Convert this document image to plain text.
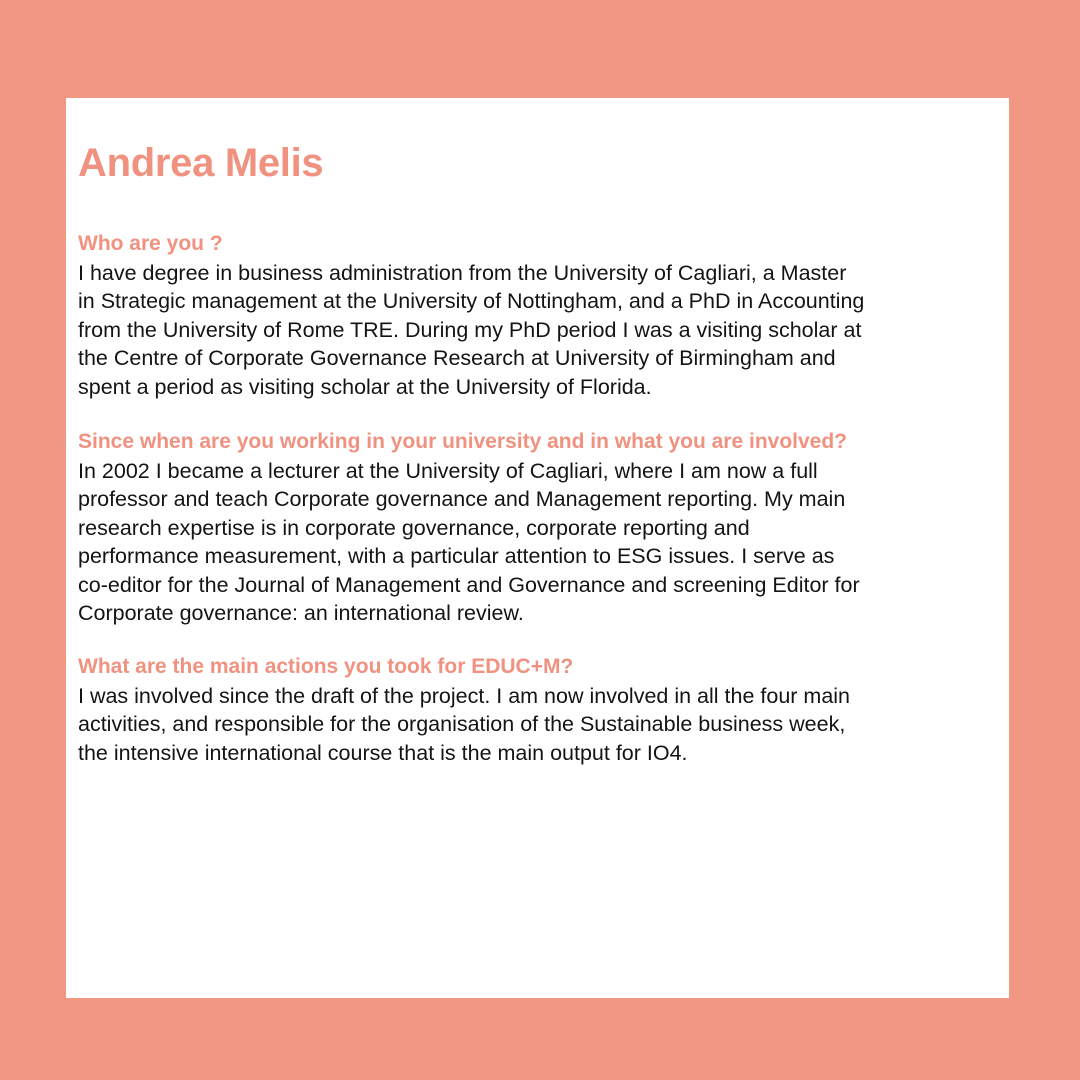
Andrea Melis
Who are you ?
I have degree in business administration from the University of Cagliari, a Master
in Strategic management at the University of Nottingham, and a PhD in Accounting
from the University of Rome TRE. During my PhD period I was a visiting scholar at
the Centre of Corporate Governance Research at University of Birmingham and
spent a period as visiting scholar at the University of Florida.
Since when are you working in your university and in what you are involved?
In 2002 I became a lecturer at the University of Cagliari, where I am now a full
professor and teach Corporate governance and Management reporting. My main
research expertise is in corporate governance, corporate reporting and
performance measurement, with a particular attention to ESG issues. I serve as
co-editor for the Journal of Management and Governance and screening Editor for
Corporate governance: an international review.
What are the main actions you took for EDUC+M?
I was involved since the draft of the project. I am now involved in all the four main
activities, and responsible for the organisation of the Sustainable business week,
the intensive international course that is the main output for IO4.
